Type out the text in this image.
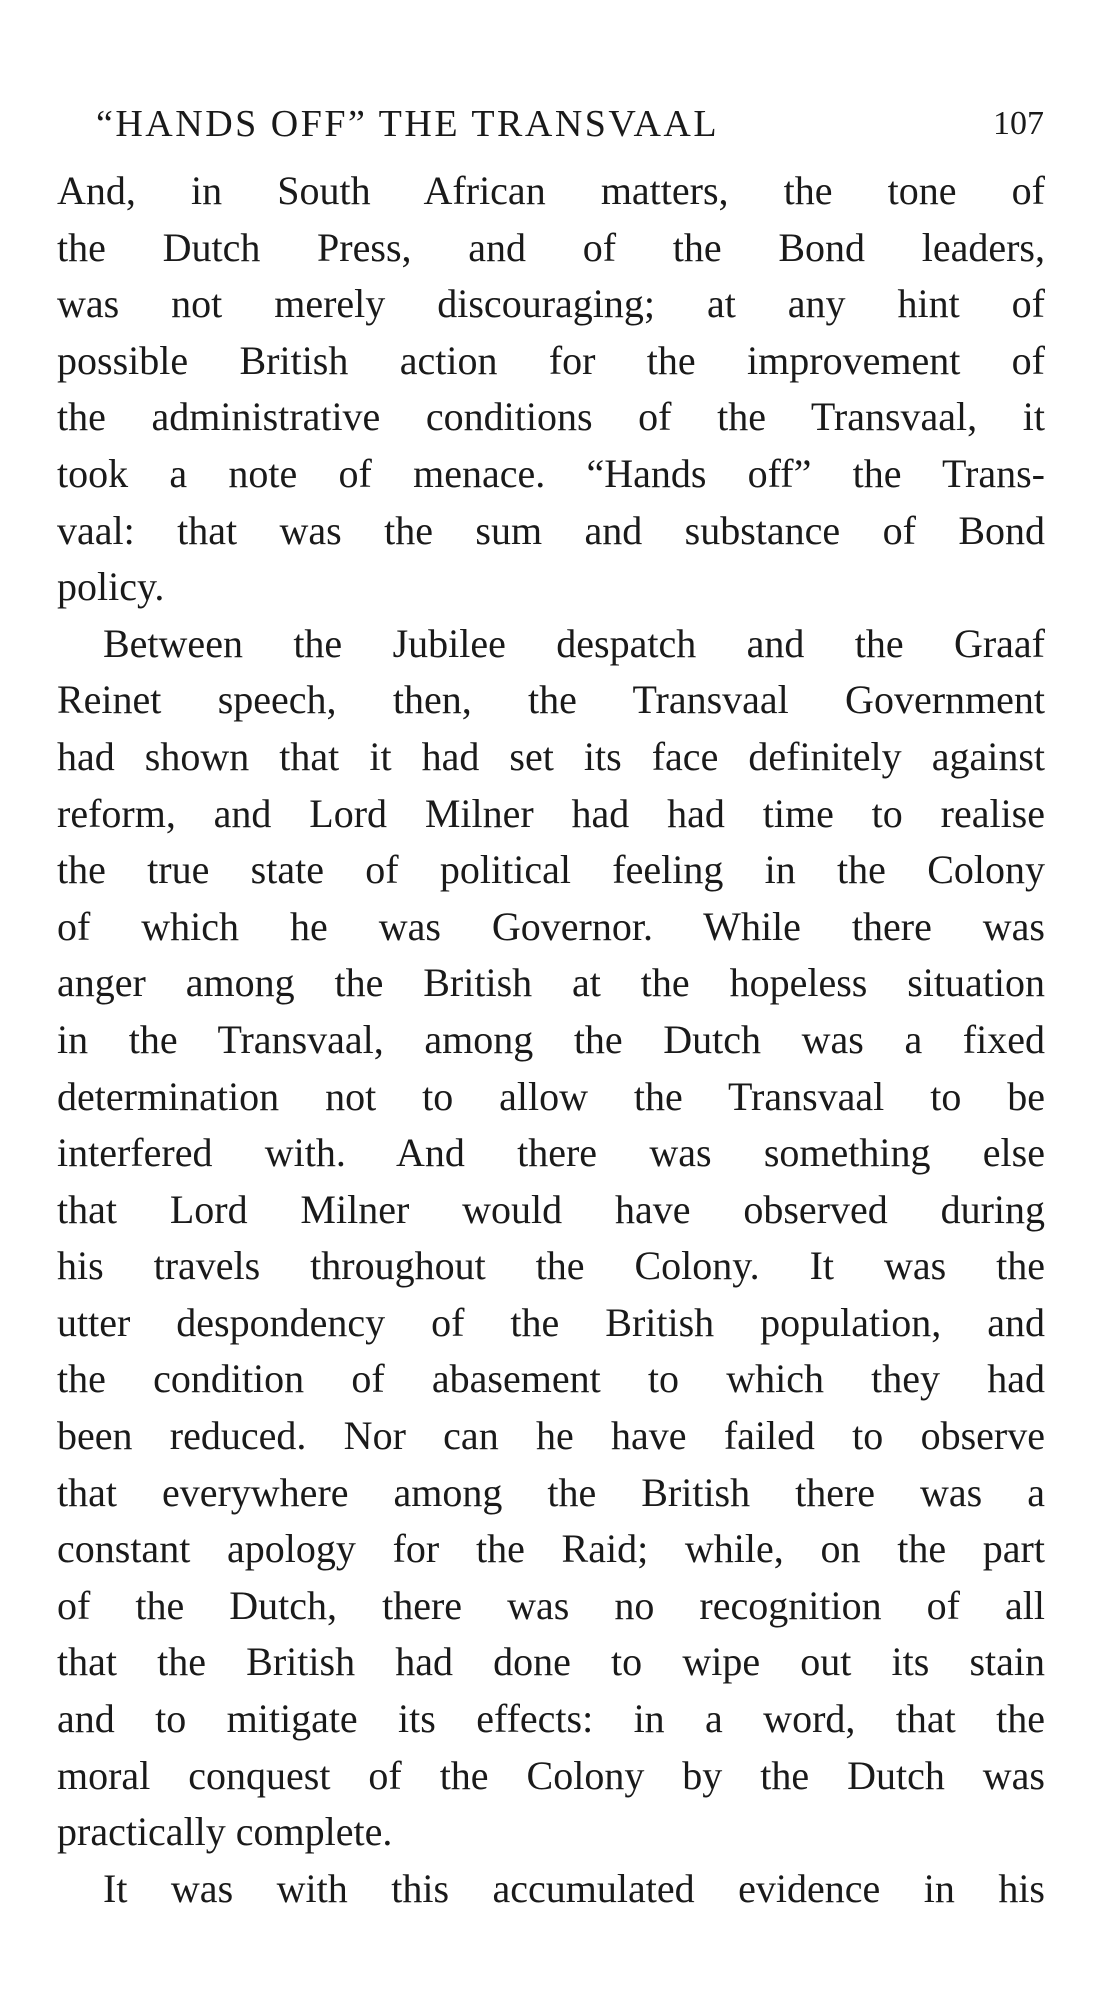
“HANDS OFF” THE TRANSVAAL	107
And, in South African matters, the tone of
the Dutch Press, and of the Bond leaders,
was not merely discouraging; at any hint of
possible British action for the improvement of
the administrative conditions of the Transvaal, it
took a note of menace. “Hands off” the Trans-
vaal: that was the sum and substance of Bond
policy.
Between the Jubilee despatch and the Graaf
Reinet speech, then, the Transvaal Government
had shown that it had set its face definitely against
reform, and Lord Milner had had time to realise
the true state of political feeling in the Colony
of which he was Governor. While there was
anger among the British at the hopeless situation
in the Transvaal, among the Dutch was a fixed
determination not to allow the Transvaal to be
interfered with. And there was something else
that Lord Milner would have observed during
his travels throughout the Colony. It was the
utter despondency of the British population, and
the condition of abasement to which they had
been reduced. Nor can he have failed to observe
that everywhere among the British there was a
constant apology for the Raid; while, on the part
of the Dutch, there was no recognition of all
that the British had done to wipe out its stain
and to mitigate its effects: in a word, that the
moral conquest of the Colony by the Dutch was
practically complete.
It was with this accumulated evidence in his
